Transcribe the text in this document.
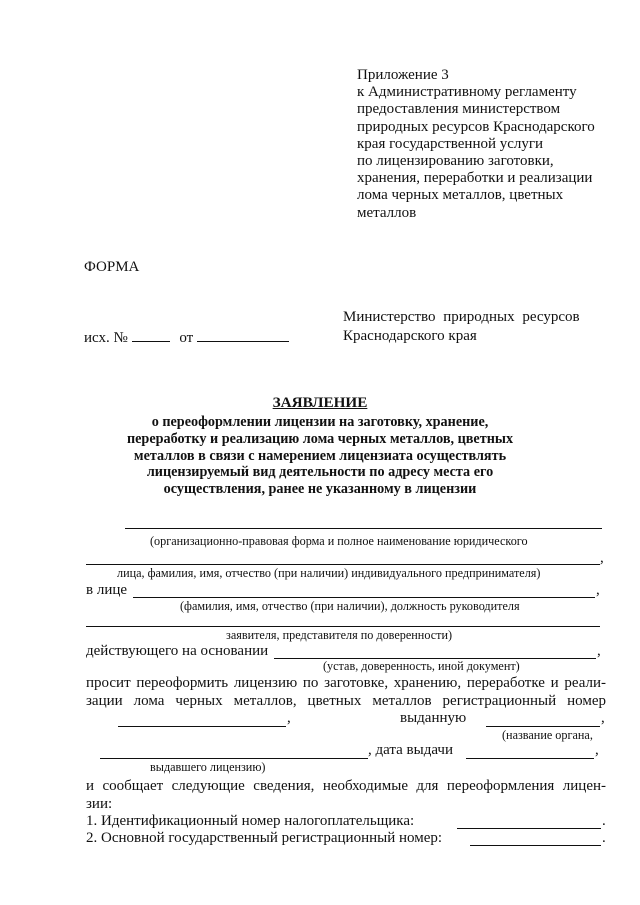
Приложение 3
к Административному регламенту
предоставления министерством
природных ресурсов Краснодарского
края государственной услуги
по лицензированию заготовки,
хранения, переработки и реализации
лома черных металлов, цветных
металлов
ФОРМА
Министерство природных ресурсов
Краснодарского края
исх. №	от
ЗАЯВЛЕНИЕ
о переоформлении лицензии на заготовку, хранение,
переработку и реализацию лома черных металлов, цветных
металлов в связи с намерением лицензиата осуществлять
лицензируемый вид деятельности по адресу места его
осуществления, ранее не указанному в лицензии
(организационно-правовая форма и полное наименование юридического
,
лица, фамилия, имя, отчество (при наличии) индивидуального предпринимателя)
в лице	,
(фамилия, имя, отчество (при наличии), должность руководителя
заявителя, представителя по доверенности)
действующего на основании	,
(устав, доверенность, иной документ)
просит переоформить лицензию по заготовке, хранению, переработке и реали-
зации лома черных металлов, цветных металлов регистрационный номер
,	выданную	,
(название органа,
, дата выдачи	,
выдавшего лицензию)
и сообщает следующие сведения, необходимые для переоформления лицен-
зии:
1. Идентификационный номер налогоплательщика:	.
2. Основной государственный регистрационный номер:	.
